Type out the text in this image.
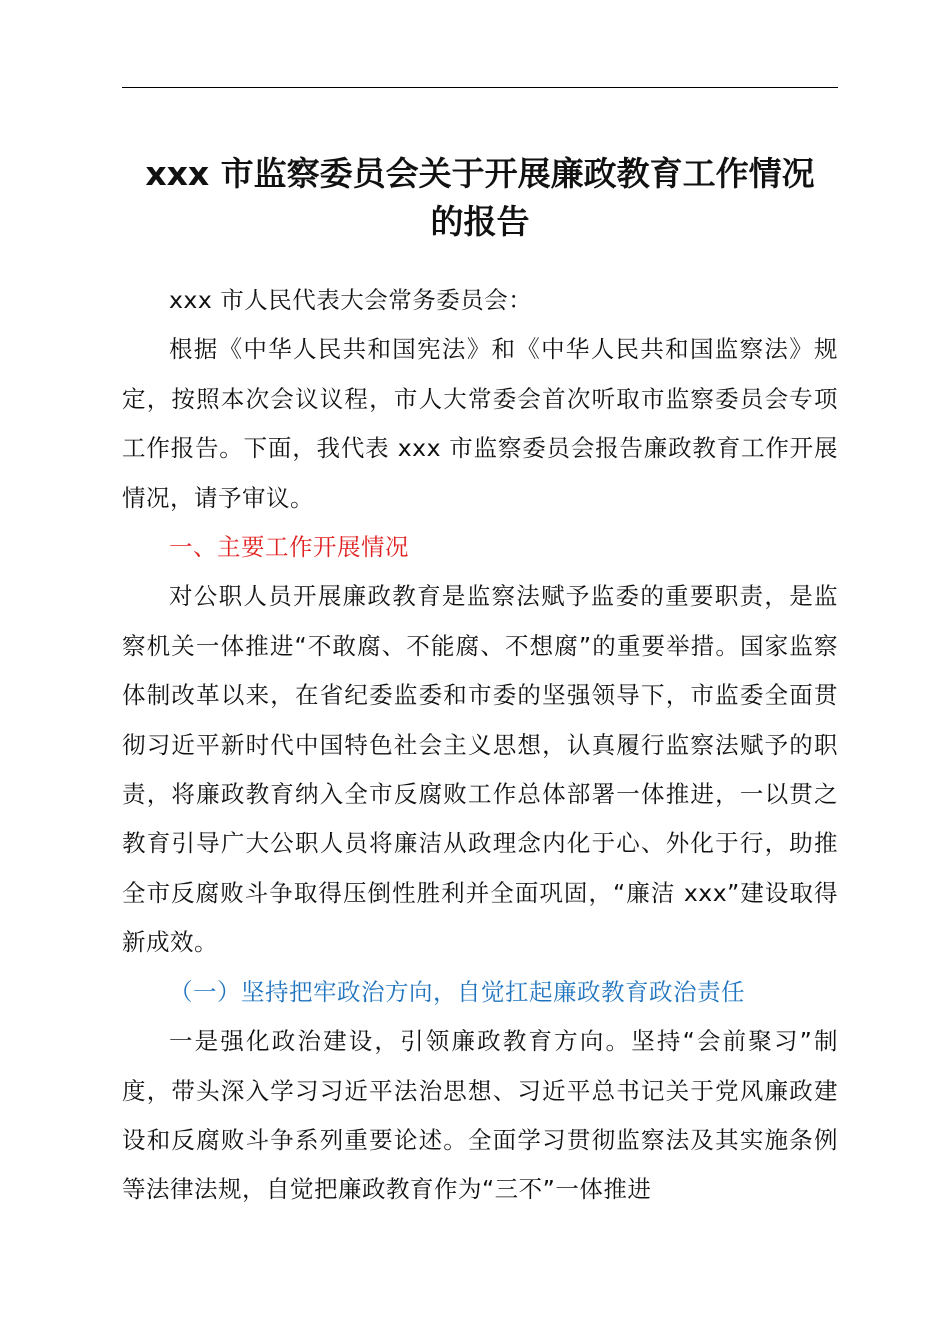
xxx 市监察委员会关于开展廉政教育工作情况
的报告

xxx 市人民代表大会常务委员会：

根据《中华人民共和国宪法》和《中华人民共和国监察法》规定，按照本次会议议程，市人大常委会首次听取市监察委员会专项工作报告。下面，我代表 xxx 市监察委员会报告廉政教育工作开展情况，请予审议。

一、主要工作开展情况

对公职人员开展廉政教育是监察法赋予监委的重要职责，是监察机关一体推进“不敢腐、不能腐、不想腐”的重要举措。国家监察体制改革以来，在省纪委监委和市委的坚强领导下，市监委全面贯彻习近平新时代中国特色社会主义思想，认真履行监察法赋予的职责，将廉政教育纳入全市反腐败工作总体部署一体推进，一以贯之教育引导广大公职人员将廉洁从政理念内化于心、外化于行，助推全市反腐败斗争取得压倒性胜利并全面巩固，“廉洁 xxx”建设取得新成效。

（一）坚持把牢政治方向，自觉扛起廉政教育政治责任

一是强化政治建设，引领廉政教育方向。坚持“会前聚习”制度，带头深入学习习近平法治思想、习近平总书记关于党风廉政建设和反腐败斗争系列重要论述。全面学习贯彻监察法及其实施条例等法律法规，自觉把廉政教育作为“三不”一体推进
